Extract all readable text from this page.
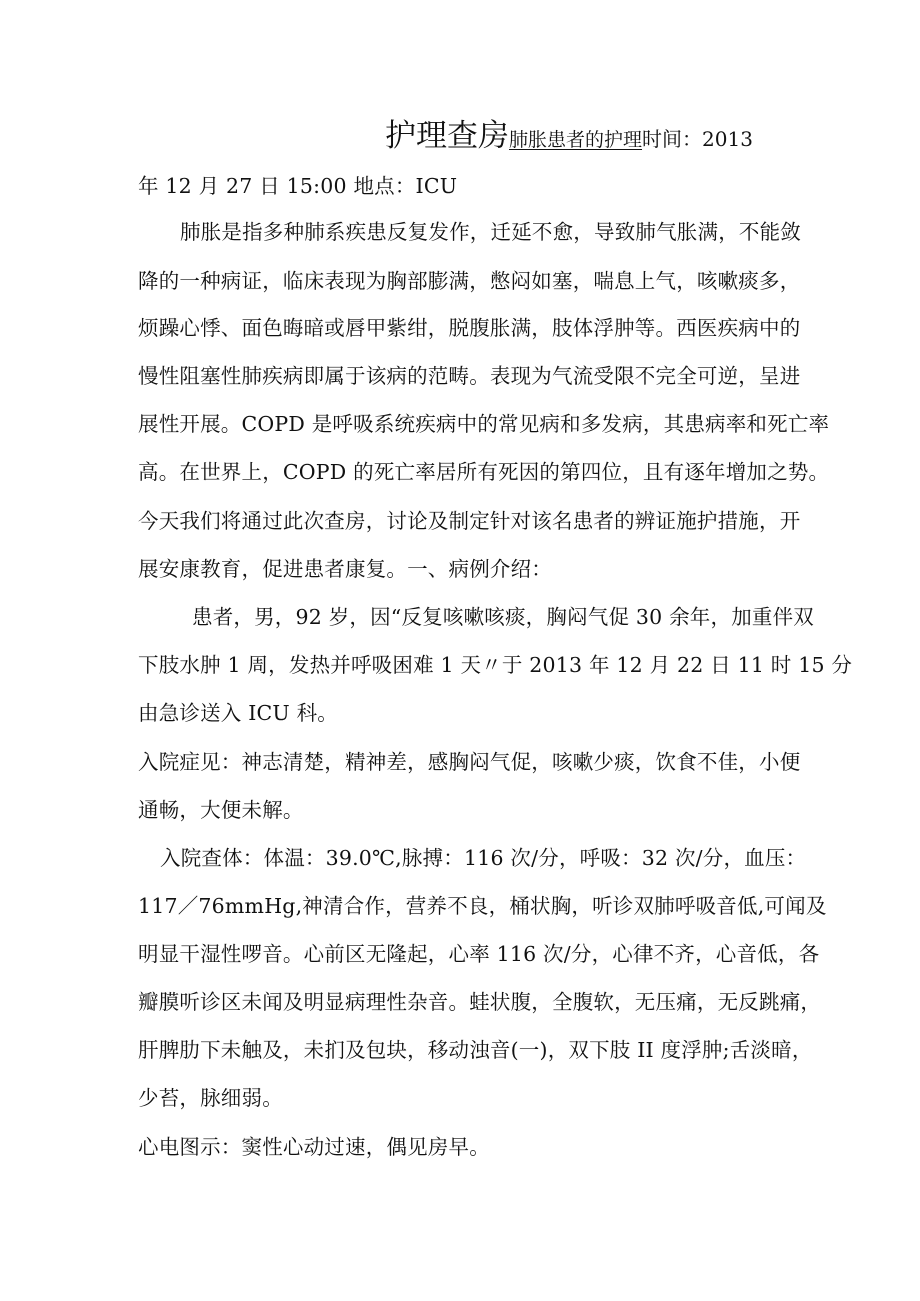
护理查房肺胀患者的护理时间：2013
年 12 月 27 日 15:00 地点：ICU
肺胀是指多种肺系疾患反复发作，迁延不愈，导致肺气胀满，不能敛
降的一种病证，临床表现为胸部膨满，憋闷如塞，喘息上气，咳嗽痰多，
烦躁心悸、面色晦暗或唇甲紫绀，脱腹胀满，肢体浮肿等。西医疾病中的
慢性阻塞性肺疾病即属于该病的范畴。表现为气流受限不完全可逆，呈进
展性开展。COPD 是呼吸系统疾病中的常见病和多发病，其患病率和死亡率
高。在世界上，COPD 的死亡率居所有死因的第四位，且有逐年增加之势。
今天我们将通过此次查房，讨论及制定针对该名患者的辨证施护措施，开
展安康教育，促进患者康复。一、病例介绍：
患者，男，92 岁，因“反复咳嗽咳痰，胸闷气促 30 余年，加重伴双
下肢水肿 1 周，发热并呼吸困难 1 天〃于 2013 年 12 月 22 日 11 时 15 分
由急诊送入 ICU 科。
入院症见：神志清楚，精神差，感胸闷气促，咳嗽少痰，饮食不佳，小便
通畅，大便未解。
入院查体：体温：39.0℃,脉搏：116 次/分，呼吸：32 次/分，血压：
117／76mmHg,神清合作，营养不良，桶状胸，听诊双肺呼吸音低,可闻及
明显干湿性啰音。心前区无隆起，心率 116 次/分，心律不齐，心音低，各
瓣膜听诊区未闻及明显病理性杂音。蛙状腹，全腹软，无压痛，无反跳痛，
肝脾肋下未触及，未扪及包块，移动浊音(一)，双下肢 II 度浮肿;舌淡暗，
少苔，脉细弱。
心电图示：窦性心动过速，偶见房早。
